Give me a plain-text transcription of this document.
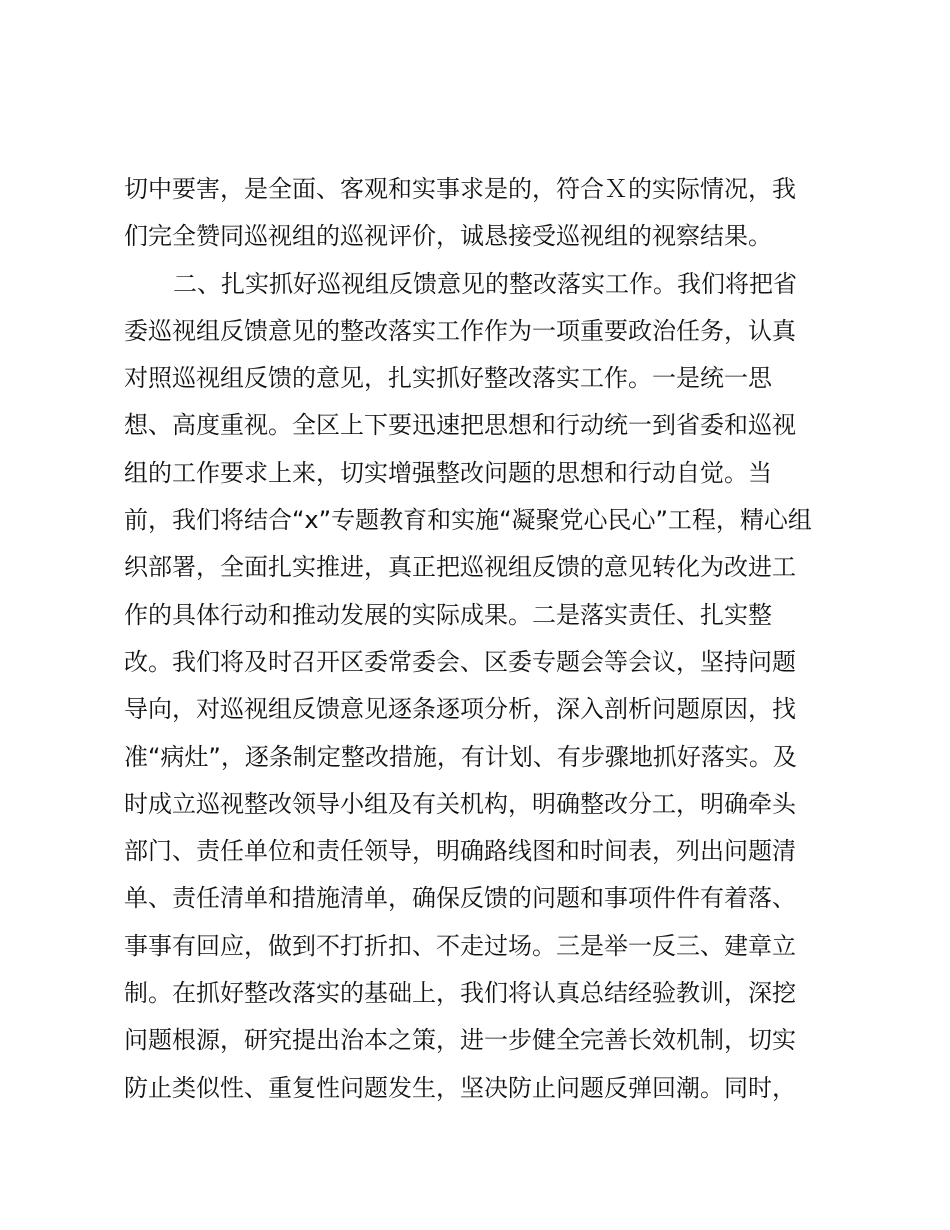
切中要害，是全面、客观和实事求是的，符合Ｘ的实际情况，我
们完全赞同巡视组的巡视评价，诚恳接受巡视组的视察结果。
二、扎实抓好巡视组反馈意见的整改落实工作。我们将把省
委巡视组反馈意见的整改落实工作作为一项重要政治任务，认真
对照巡视组反馈的意见，扎实抓好整改落实工作。一是统一思
想、高度重视。全区上下要迅速把思想和行动统一到省委和巡视
组的工作要求上来，切实增强整改问题的思想和行动自觉。当
前，我们将结合“x”专题教育和实施“凝聚党心民心”工程，精心组
织部署，全面扎实推进，真正把巡视组反馈的意见转化为改进工
作的具体行动和推动发展的实际成果。二是落实责任、扎实整
改。我们将及时召开区委常委会、区委专题会等会议，坚持问题
导向，对巡视组反馈意见逐条逐项分析，深入剖析问题原因，找
准“病灶”，逐条制定整改措施，有计划、有步骤地抓好落实。及
时成立巡视整改领导小组及有关机构，明确整改分工，明确牵头
部门、责任单位和责任领导，明确路线图和时间表，列出问题清
单、责任清单和措施清单，确保反馈的问题和事项件件有着落、
事事有回应，做到不打折扣、不走过场。三是举一反三、建章立
制。在抓好整改落实的基础上，我们将认真总结经验教训，深挖
问题根源，研究提出治本之策，进一步健全完善长效机制，切实
防止类似性、重复性问题发生，坚决防止问题反弹回潮。同时，
